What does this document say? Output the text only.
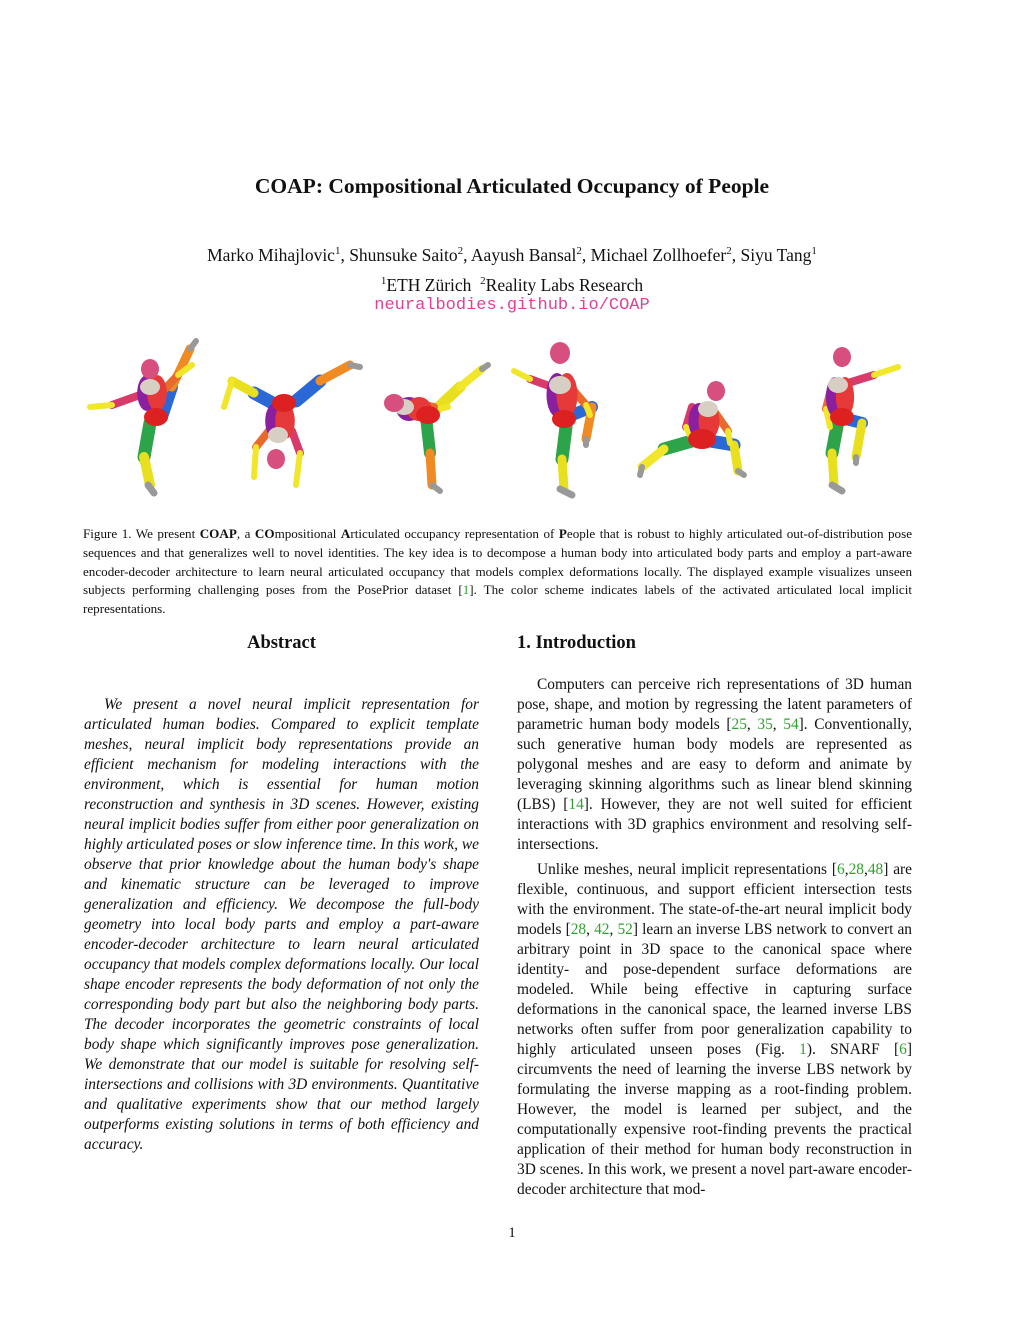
COAP: Compositional Articulated Occupancy of People
Marko Mihajlovic$^1$, Shunsuke Saito$^2$, Aayush Bansal$^2$, Michael Zollhoefer$^2$, Siyu Tang$^1$
$^1$ETH Zürich $^2$Reality Labs Research
neuralbodies.github.io/COAP
Figure 1. We present COAP, a COmpositional Articulated occupancy representation of People that is robust to highly articulated out-of-distribution pose sequences and that generalizes well to novel identities. The key idea is to decompose a human body into articulated body parts and employ a part-aware encoder-decoder architecture to learn neural articulated occupancy that models complex deformations locally. The displayed example visualizes unseen subjects performing challenging poses from the PosePrior dataset [1]. The color scheme indicates labels of the activated articulated local implicit representations.
Abstract
We present a novel neural implicit representation for articulated human bodies. Compared to explicit template meshes, neural implicit body representations provide an efficient mechanism for modeling interactions with the environment, which is essential for human motion reconstruction and synthesis in 3D scenes. However, existing neural implicit bodies suffer from either poor generalization on highly articulated poses or slow inference time. In this work, we observe that prior knowledge about the human body's shape and kinematic structure can be leveraged to improve generalization and efficiency. We decompose the full-body geometry into local body parts and employ a part-aware encoder-decoder architecture to learn neural articulated occupancy that models complex deformations locally. Our local shape encoder represents the body deformation of not only the corresponding body part but also the neighboring body parts. The decoder incorporates the geometric constraints of local body shape which significantly improves pose generalization. We demonstrate that our model is suitable for resolving self-intersections and collisions with 3D environments. Quantitative and qualitative experiments show that our method largely outperforms existing solutions in terms of both efficiency and accuracy.
1. Introduction

Computers can perceive rich representations of 3D human pose, shape, and motion by regressing the latent parameters of parametric human body models [25, 35, 54]. Conventionally, such generative human body models are represented as polygonal meshes and are easy to deform and animate by leveraging skinning algorithms such as linear blend skinning (LBS) [14]. However, they are not well suited for efficient interactions with 3D graphics environment and resolving self-intersections.

Unlike meshes, neural implicit representations [6,28,48] are flexible, continuous, and support efficient intersection tests with the environment. The state-of-the-art neural implicit body models [28, 42, 52] learn an inverse LBS network to convert an arbitrary point in 3D space to the canonical space where identity- and pose-dependent surface deformations are modeled. While being effective in capturing surface deformations in the canonical space, the learned inverse LBS networks often suffer from poor generalization capability to highly articulated unseen poses (Fig. 1). SNARF [6] circumvents the need of learning the inverse LBS network by formulating the inverse mapping as a root-finding problem. However, the model is learned per subject, and the computationally expensive root-finding prevents the practical application of their method for human body reconstruction in 3D scenes. In this work, we present a novel part-aware encoder-decoder architecture that mod-

1
